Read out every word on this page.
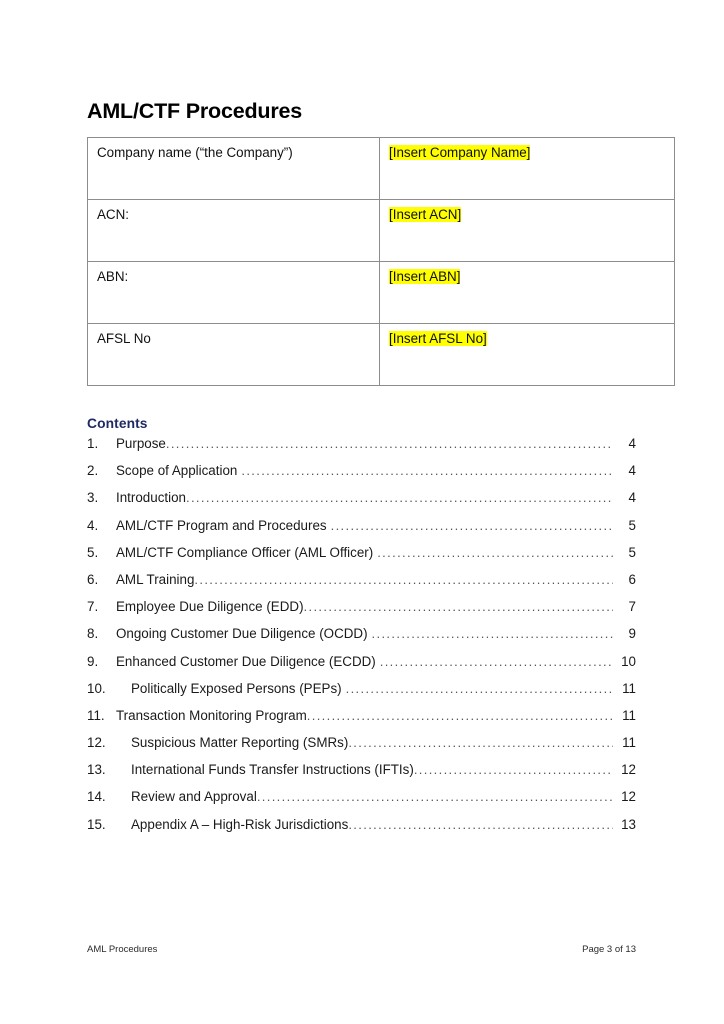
AML/CTF Procedures
Company name (“the Company”)	[Insert Company Name]
ACN:	[Insert ACN]
ABN:	[Insert ABN]
AFSL No	[Insert AFSL No]
Contents
1.	Purpose .....	4
2.	Scope of Application .....	4
3.	Introduction .....	4
4.	AML/CTF Program and Procedures .....	5
5.	AML/CTF Compliance Officer (AML Officer) .....	5
6.	AML Training .....	6
7.	Employee Due Diligence (EDD) .....	7
8.	Ongoing Customer Due Diligence (OCDD) .....	9
9.	Enhanced Customer Due Diligence (ECDD) .....	10
10.	Politically Exposed Persons (PEPs) .....	11
11. Transaction Monitoring Program .....	11
12.	Suspicious Matter Reporting (SMRs) .....	11
13.	International Funds Transfer Instructions (IFTIs) .....	12
14.	Review and Approval .....	12
15.	Appendix A – High-Risk Jurisdictions .....	13
AML Procedures	Page 3 of 13
